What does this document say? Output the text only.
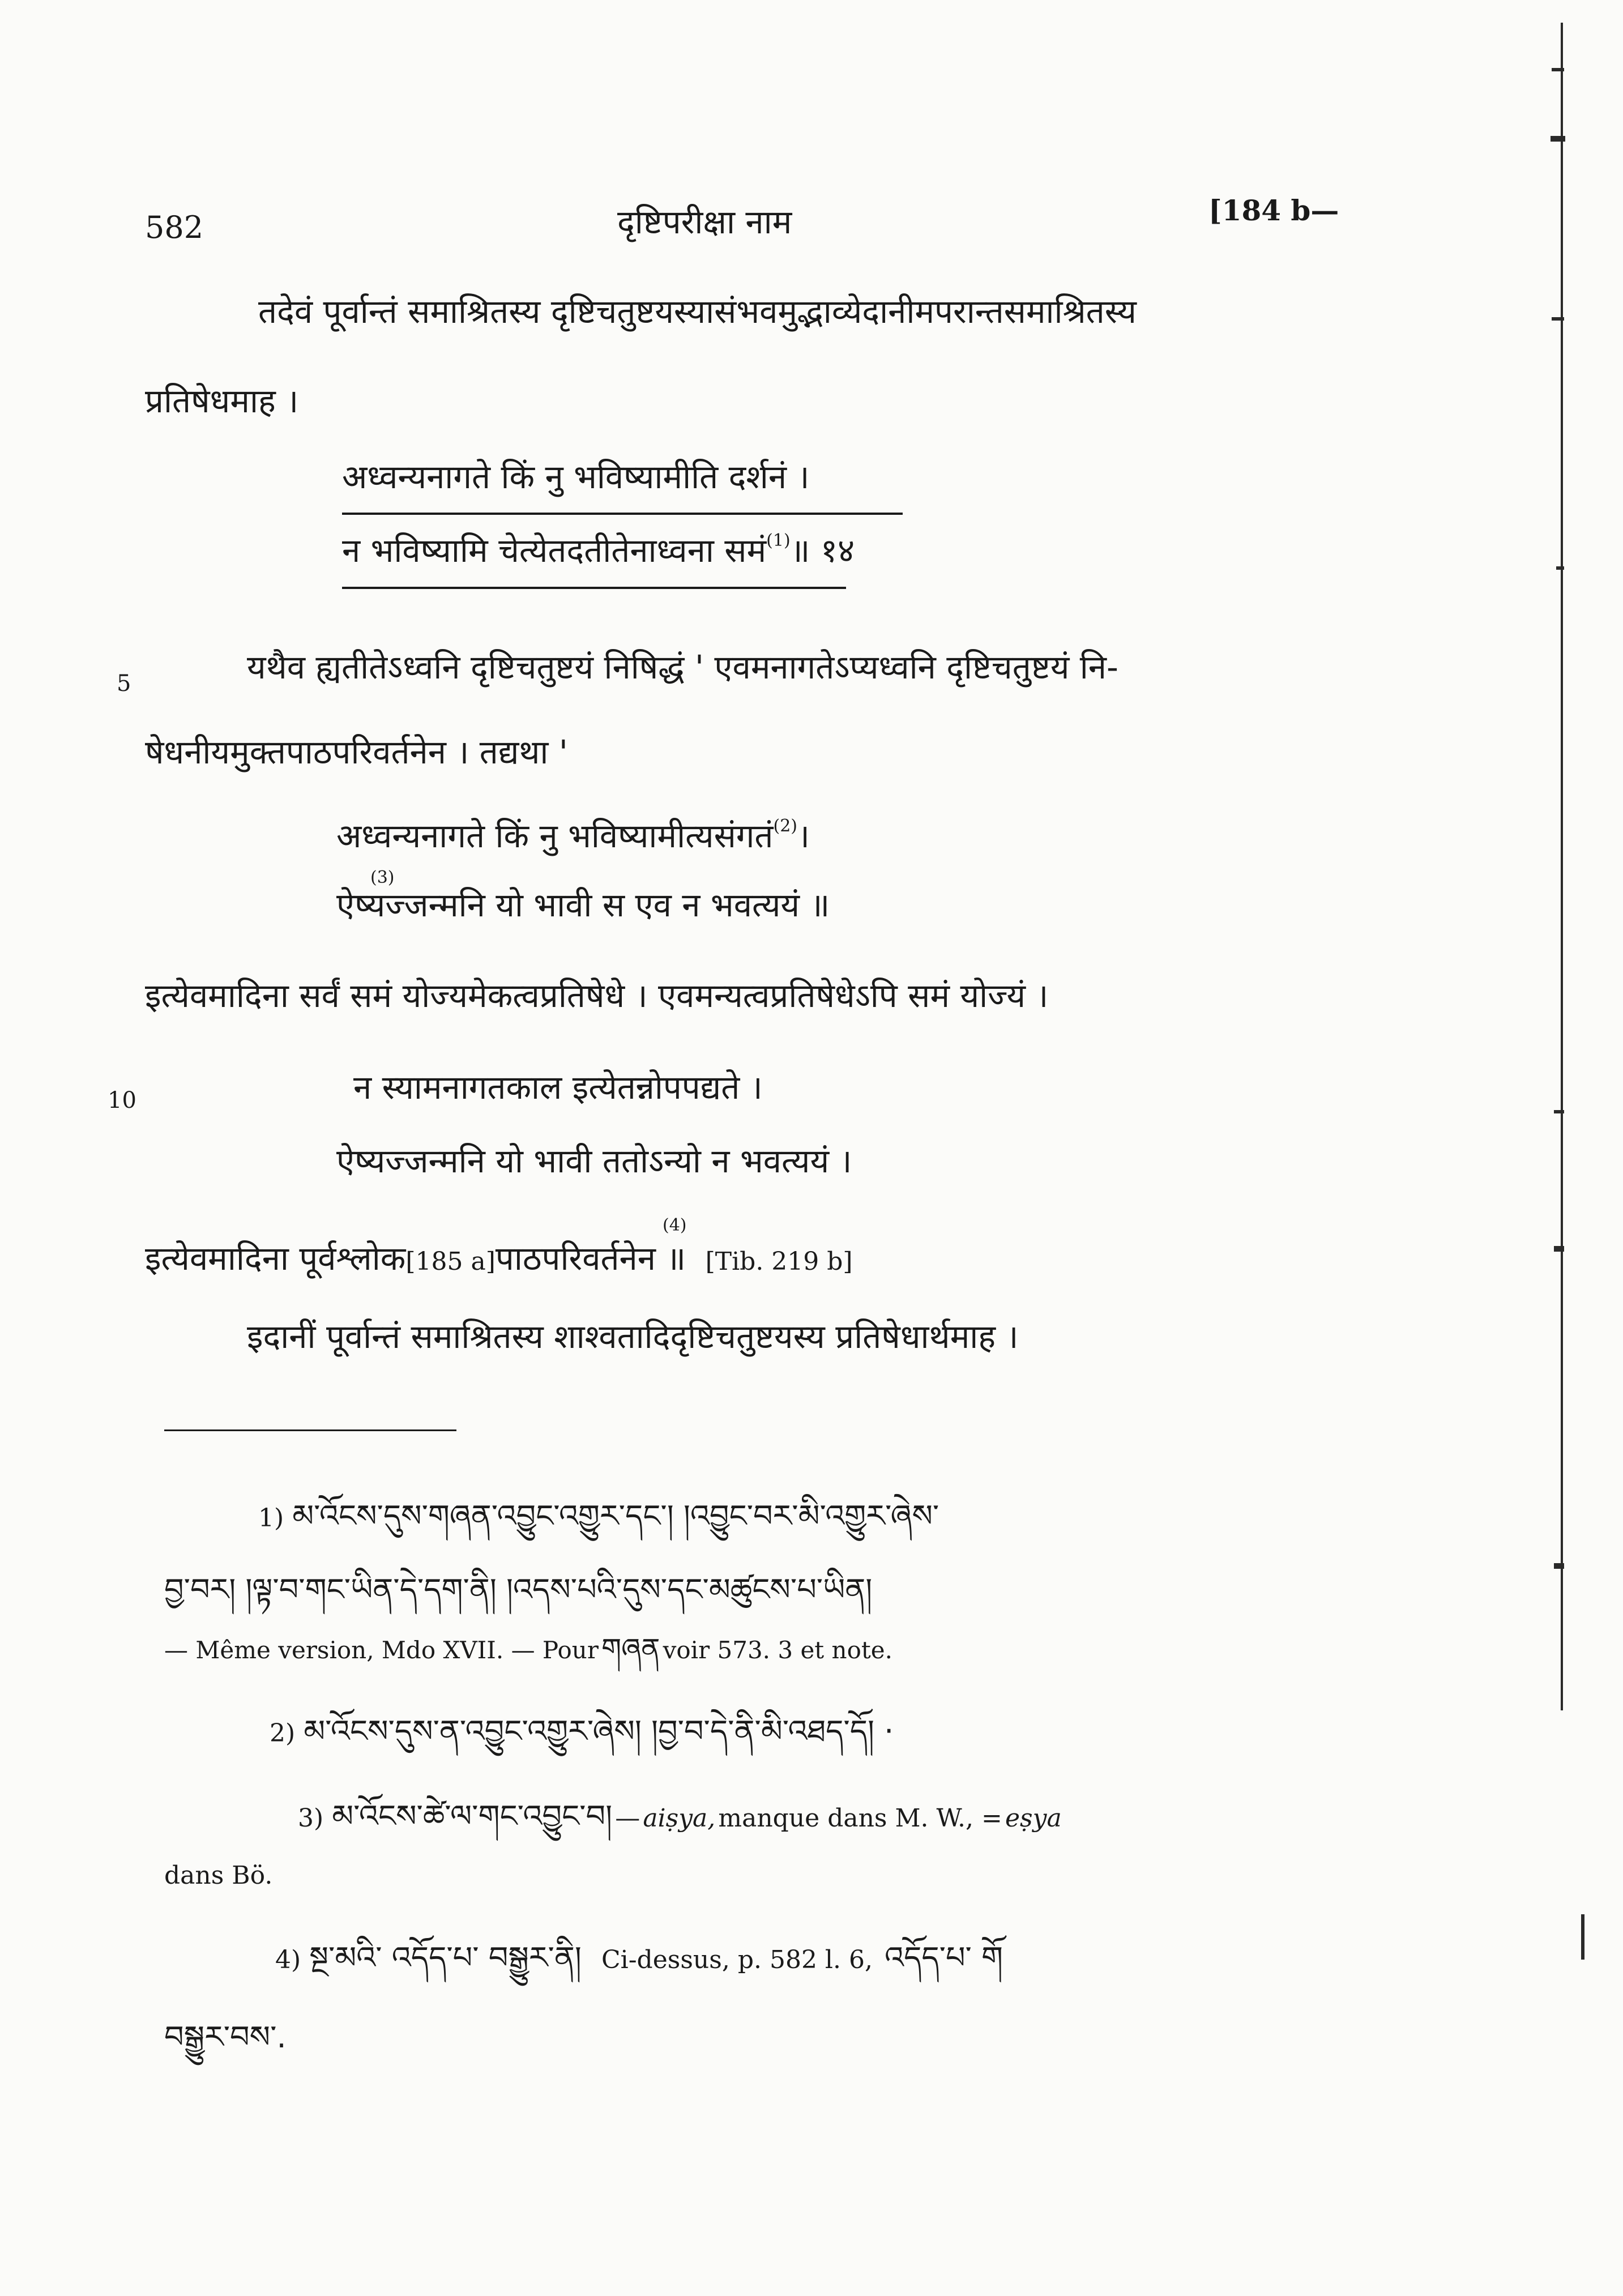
582	दृष्टिपरीक्षा नाम	[184 b—
तदेवं पूर्वान्तं समाश्रितस्य दृष्टिचतुष्टयस्यासंभवमुद्भाव्येदानीमपरान्तसमाश्रितस्य
प्रतिषेधमाह ।
अध्वन्यनागते किं नु भविष्यामीति दर्शनं ।
न भविष्यामि चेत्येतदतीतेनाध्वना समं$^{(1)}$॥ १४
5	यथैव ह्यतीतेऽध्वनि दृष्टिचतुष्टयं निषिद्धं ' एवमनागतेऽप्यध्वनि दृष्टिचतुष्टयं नि-
षेधनीयमुक्तपाठपरिवर्तनेन । तद्यथा '
अध्वन्यनागते किं नु भविष्यामीत्यसंगतं$^{(2)}$।
(3)
ऐष्यज्जन्मनि यो भावी स एव न भवत्ययं ॥
इत्येवमादिना सर्वं समं योज्यमेकत्वप्रतिषेधे । एवमन्यत्वप्रतिषेधेऽपि समं योज्यं ।
10	न स्यामनागतकाल इत्येतन्नोपपद्यते ।
ऐष्यज्जन्मनि यो भावी ततोऽन्यो न भवत्ययं ।
इत्येवमादिना पूर्वश्लोक[185 a]पाठपरिवर्तनेन ॥ [Tib. 219 b]
(4)
इदानीं पूर्वान्तं समाश्रितस्य शाश्वतादिदृष्टिचतुष्टयस्य प्रतिषेधार्थमाह ।
1) མ་འོངས་དུས་གཞན་འབྱུང་འགྱུར་དང་། །འབྱུང་བར་མི་འགྱུར་ཞེས་
བྱ་བར། །ལྟ་བ་གང་ཡིན་དེ་དག་ནི། །འདས་པའི་དུས་དང་མཚུངས་པ་ཡིན།
— Même version, Mdo XVII. — Pour གཞན voir 573. 3 et note.
2) མ་འོངས་དུས་ན་འབྱུང་འགྱུར་ཞེས། །བྱ་བ་དེ་ནི་མི་འཐད་དོ། ·
3) མ་འོངས་ཚེ་ལ་གང་འབྱུང་བ། — aiṣya, manque dans M. W., = eṣya
dans Bö.
4) སྔ་མའི་ འདོད་པ་ བསྒྱུར་ནི། Ci-dessus, p. 582 l. 6, འདོད་པ་ གོ
བསྒྱུར་བས་.
